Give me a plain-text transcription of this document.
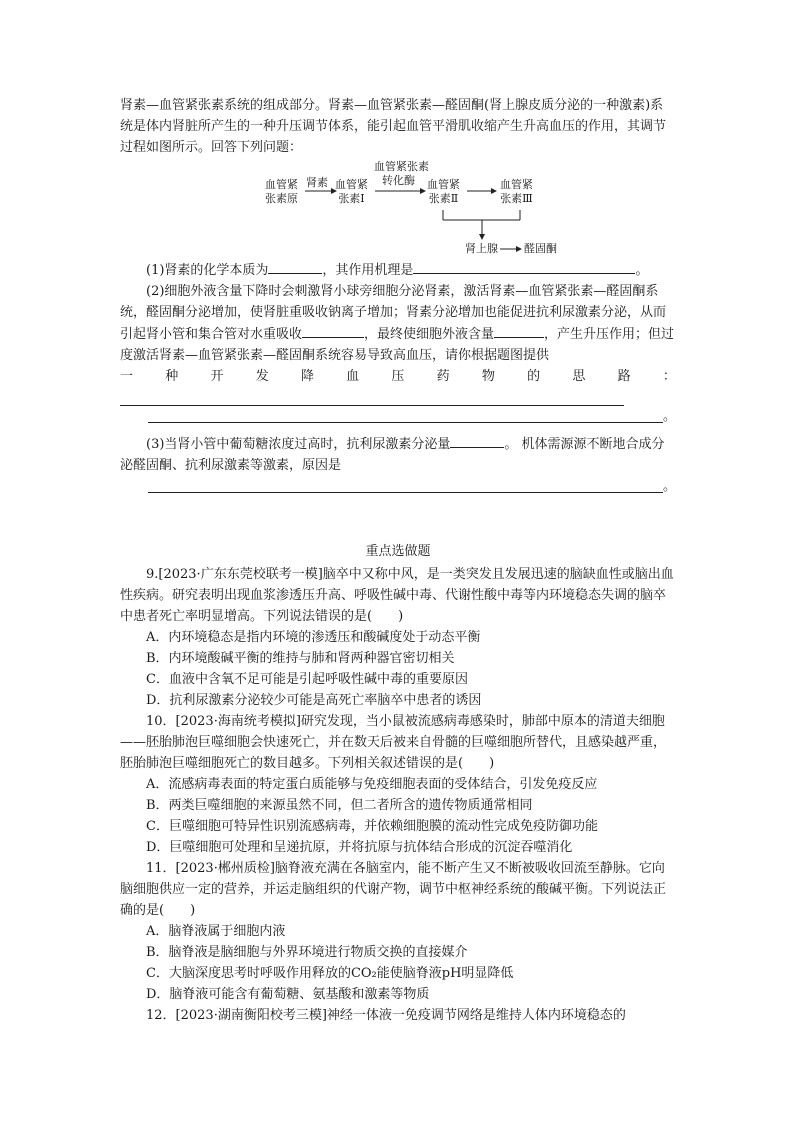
肾素—血管紧张素系统的组成部分。肾素—血管紧张素—醛固酮(肾上腺皮质分泌的一种激素)系统是体内肾脏所产生的一种升压调节体系，能引起血管平滑肌收缩产生升高血压的作用，其调节过程如图所示。回答下列问题：

血管紧
张素原
肾素 血管紧
张素Ⅰ
血管紧张素
转化酶 血管紧
张素Ⅱ
血管紧
张素Ⅲ
肾上腺 醛固酮

(1)肾素的化学本质为	，其作用机理是	。

(2)细胞外液含量下降时会刺激肾小球旁细胞分泌肾素，激活肾素—血管紧张素—醛固酮系统，醛固酮分泌增加，使肾脏重吸收钠离子增加；肾素分泌增加也能促进抗利尿激素分泌，从而引起肾小管和集合管对水重吸收	，最终使细胞外液含量	，产生升压作用；但过度激活肾素—血管紧张素—醛固酮系统容易导致高血压，请你根据题图提供

一 种 开 发 降 血 压 药 物 的 思 路 ：
。

(3)当肾小管中葡萄糖浓度过高时，抗利尿激素分泌量	。 机体需源源不断地合成分泌醛固酮、抗利尿激素等激素，原因是

。

重点选做题

9.[2023·广东东莞校联考一模]脑卒中又称中风，是一类突发且发展迅速的脑缺血性或脑出血性疾病。研究表明出现血浆渗透压升高、呼吸性碱中毒、代谢性酸中毒等内环境稳态失调的脑卒中患者死亡率明显增高。下列说法错误的是(　　)

A．内环境稳态是指内环境的渗透压和酸碱度处于动态平衡

B．内环境酸碱平衡的维持与肺和肾两种器官密切相关

C．血液中含氧不足可能是引起呼吸性碱中毒的重要原因

D．抗利尿激素分泌较少可能是高死亡率脑卒中患者的诱因

10．[2023·海南统考模拟]研究发现，当小鼠被流感病毒感染时，肺部中原本的清道夫细胞——胚胎肺泡巨噬细胞会快速死亡，并在数天后被来自骨髓的巨噬细胞所替代，且感染越严重，胚胎肺泡巨噬细胞死亡的数目越多。下列相关叙述错误的是(　　)

A．流感病毒表面的特定蛋白质能够与免疫细胞表面的受体结合，引发免疫反应

B．两类巨噬细胞的来源虽然不同，但二者所含的遗传物质通常相同

C．巨噬细胞可特异性识别流感病毒，并依赖细胞膜的流动性完成免疫防御功能

D．巨噬细胞可处理和呈递抗原，并将抗原与抗体结合形成的沉淀吞噬消化

11．[2023·郴州质检]脑脊液充满在各脑室内，能不断产生又不断被吸收回流至静脉。它向脑细胞供应一定的营养，并运走脑组织的代谢产物，调节中枢神经系统的酸碱平衡。下列说法正确的是(　　)

A．脑脊液属于细胞内液

B．脑脊液是脑细胞与外界环境进行物质交换的直接媒介

C．大脑深度思考时呼吸作用释放的CO₂能使脑脊液pH明显降低

D．脑脊液可能含有葡萄糖、氨基酸和激素等物质

12．[2023·湖南衡阳校考三模]神经一体液一免疫调节网络是维持人体内环境稳态的
